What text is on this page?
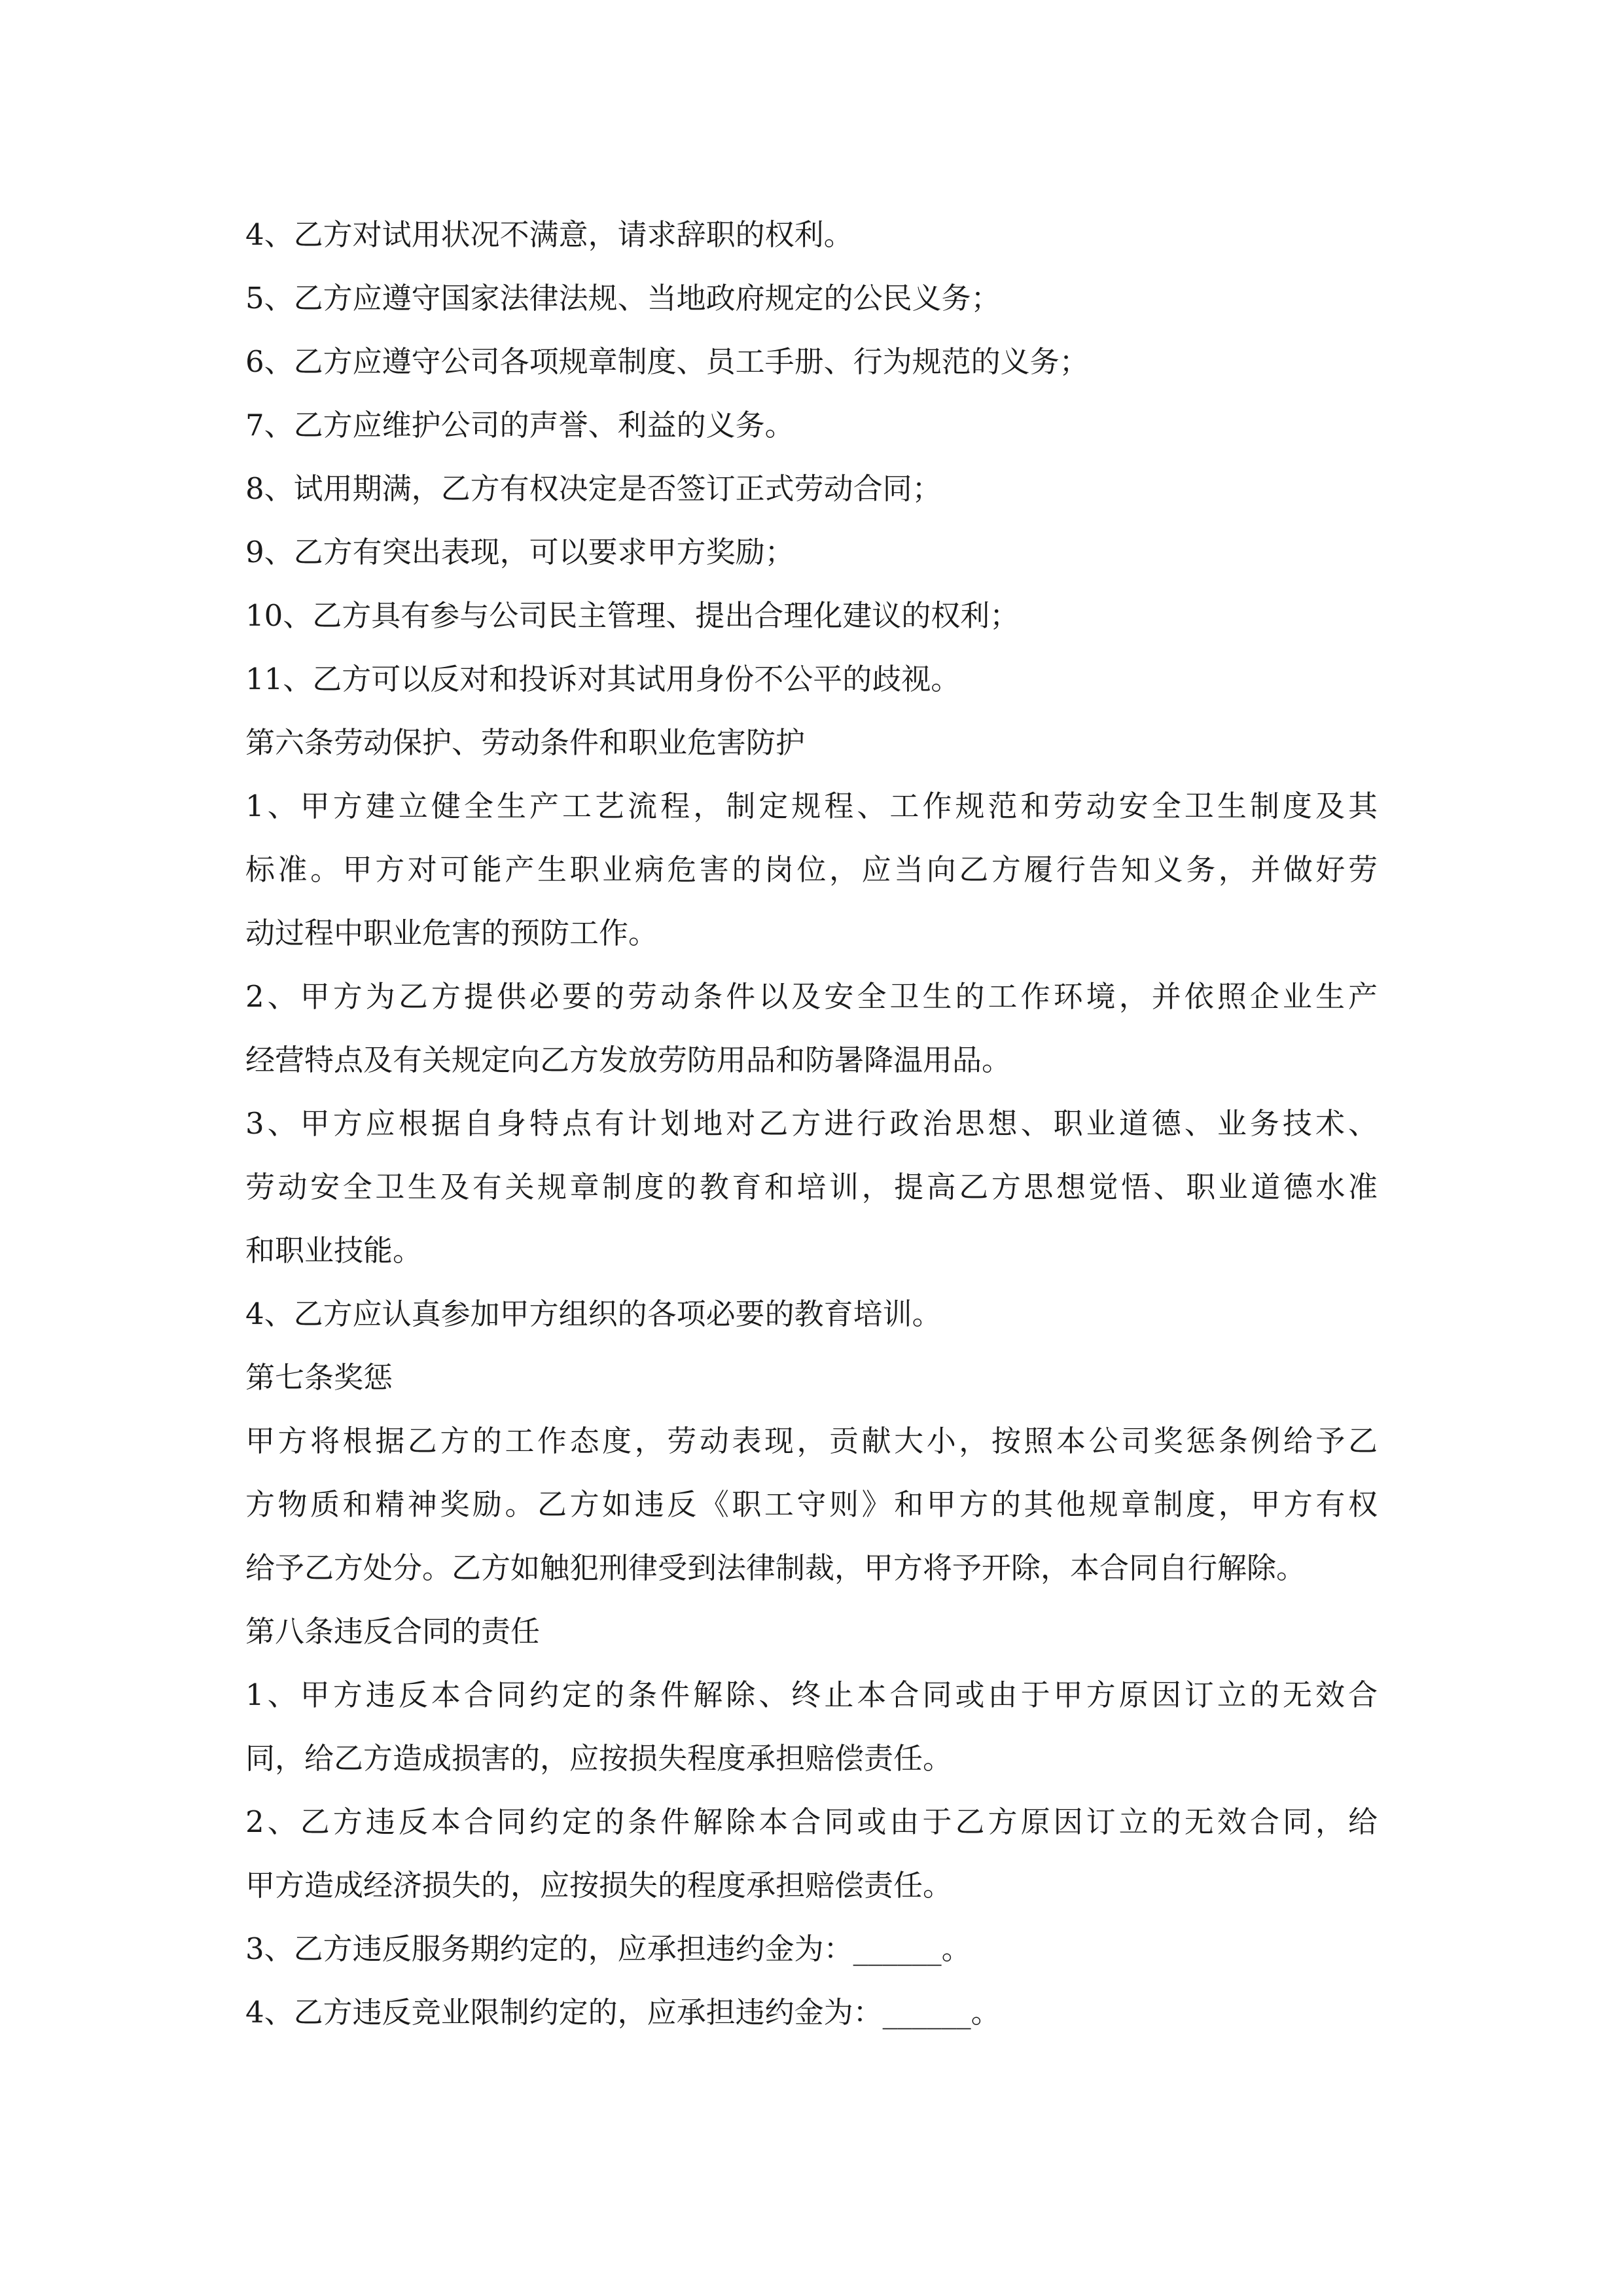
4、乙方对试用状况不满意，请求辞职的权利。

5、乙方应遵守国家法律法规、当地政府规定的公民义务；

6、乙方应遵守公司各项规章制度、员工手册、行为规范的义务；

7、乙方应维护公司的声誉、利益的义务。

8、试用期满，乙方有权决定是否签订正式劳动合同；

9、乙方有突出表现，可以要求甲方奖励；

10、乙方具有参与公司民主管理、提出合理化建议的权利；

11、乙方可以反对和投诉对其试用身份不公平的歧视。

第六条劳动保护、劳动条件和职业危害防护

1、甲方建立健全生产工艺流程，制定规程、工作规范和劳动安全卫生制度及其

标准。甲方对可能产生职业病危害的岗位，应当向乙方履行告知义务，并做好劳

动过程中职业危害的预防工作。

2、甲方为乙方提供必要的劳动条件以及安全卫生的工作环境，并依照企业生产

经营特点及有关规定向乙方发放劳防用品和防暑降温用品。

3、甲方应根据自身特点有计划地对乙方进行政治思想、职业道德、业务技术、

劳动安全卫生及有关规章制度的教育和培训，提高乙方思想觉悟、职业道德水准

和职业技能。

4、乙方应认真参加甲方组织的各项必要的教育培训。

第七条奖惩

甲方将根据乙方的工作态度，劳动表现，贡献大小，按照本公司奖惩条例给予乙

方物质和精神奖励。乙方如违反《职工守则》和甲方的其他规章制度，甲方有权

给予乙方处分。乙方如触犯刑律受到法律制裁，甲方将予开除，本合同自行解除。

第八条违反合同的责任

1、甲方违反本合同约定的条件解除、终止本合同或由于甲方原因订立的无效合

同，给乙方造成损害的，应按损失程度承担赔偿责任。

2、乙方违反本合同约定的条件解除本合同或由于乙方原因订立的无效合同，给

甲方造成经济损失的，应按损失的程度承担赔偿责任。

3、乙方违反服务期约定的，应承担违约金为：______。

4、乙方违反竞业限制约定的，应承担违约金为：______。
